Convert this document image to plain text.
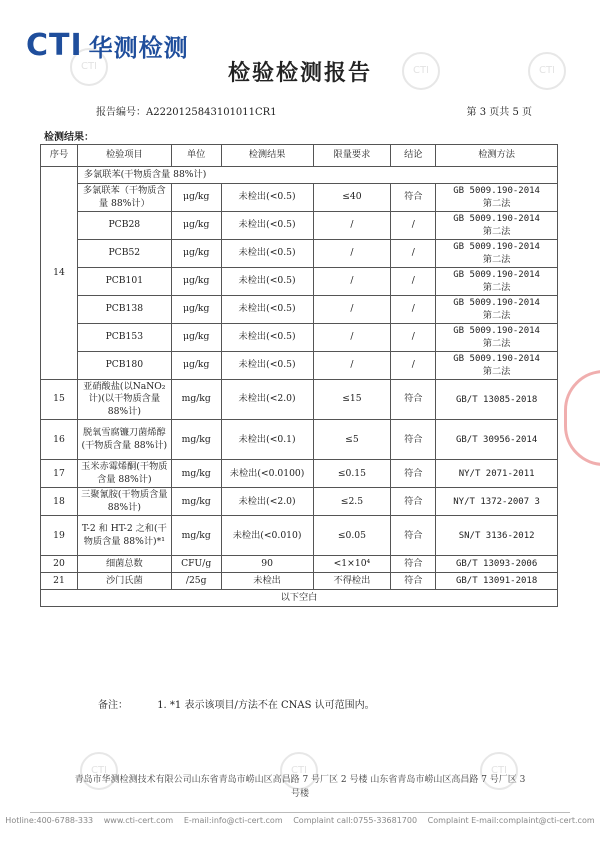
CTI	CTI	CTI
CTI	CTI	CTI
CTI 华测检测
检验检测报告
报告编号：A2220125843101011CR1	第 3 页共 5 页
检测结果：
序号	检验项目	单位	检测结果	限量要求	结论	检测方法
14	多氯联苯(干物质含量 88%计)					
	多氯联苯（干物质含量 88%计）	μg/kg	未检出(<0.5)	≤40	符合	GB 5009.190-2014
第二法
	PCB28	μg/kg	未检出(<0.5)	/	/	GB 5009.190-2014
第二法
	PCB52	μg/kg	未检出(<0.5)	/	/	GB 5009.190-2014
第二法
	PCB101	μg/kg	未检出(<0.5)	/	/	GB 5009.190-2014
第二法
	PCB138	μg/kg	未检出(<0.5)	/	/	GB 5009.190-2014
第二法
	PCB153	μg/kg	未检出(<0.5)	/	/	GB 5009.190-2014
第二法
	PCB180	μg/kg	未检出(<0.5)	/	/	GB 5009.190-2014
第二法
15	亚硝酸盐(以NaNO₂计)(以干物质含量 88%计)	mg/kg	未检出(<2.0)	≤15	符合	GB/T 13085-2018
16	脱氧雪腐镰刀菌烯醇(干物质含量 88%计)	mg/kg	未检出(<0.1)	≤5	符合	GB/T 30956-2014
17	玉米赤霉烯酮(干物质含量 88%计)	mg/kg	未检出(<0.0100)	≤0.15	符合	NY/T 2071-2011
18	三聚氰胺(干物质含量 88%计)	mg/kg	未检出(<2.0)	≤2.5	符合	NY/T 1372-2007 3
19	T-2 和 HT-2 之和(干物质含量 88%计)*¹	mg/kg	未检出(<0.010)	≤0.05	符合	SN/T 3136-2012
20	细菌总数	CFU/g	90	<1×10⁴	符合	GB/T 13093-2006
21	沙门氏菌	/25g	未检出	不得检出	符合	GB/T 13091-2018
以下空白						
备注：	1. *1 表示该项目/方法不在 CNAS 认可范围内。
青岛市华测检测技术有限公司山东省青岛市崂山区高昌路 7 号厂区 2 号楼 山东省青岛市崂山区高昌路 7 号厂区 3 号楼
Hotline:400-6788-333 www.cti-cert.com E-mail:info@cti-cert.com Complaint call:0755-33681700 Complaint E-mail:complaint@cti-cert.com
